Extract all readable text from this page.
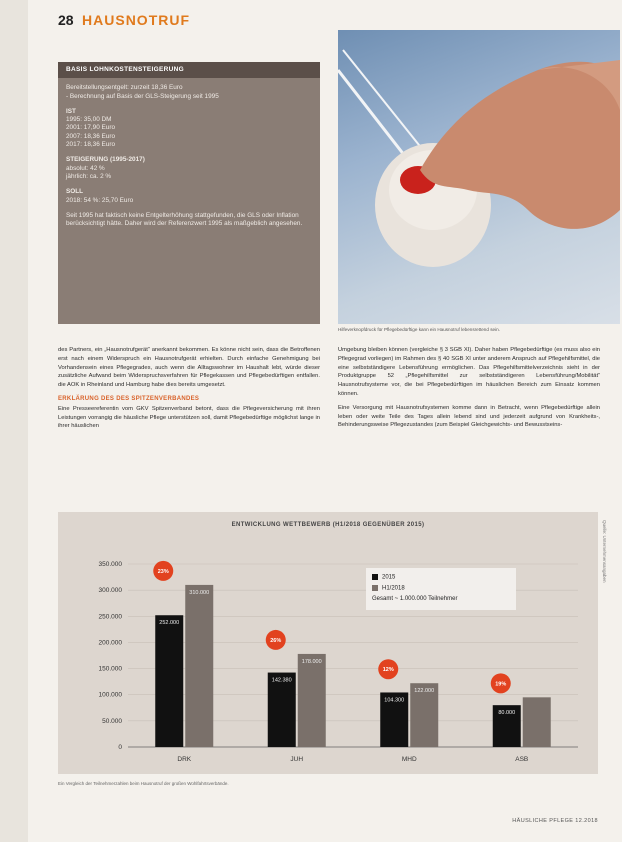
28 HAUSNOTRUF
BASIS LOHNKOSTENSTEIGERUNG
Bereitstellungsentgelt: zurzeit 18,36 Euro
- Berechnung auf Basis der GLS-Steigerung seit 1995
IST
1995: 35,00 DM
2001: 17,90 Euro
2007: 18,36 Euro
2017: 18,36 Euro
STEIGERUNG (1995-2017)
absolut: 42 %
jährlich: ca. 2 %
SOLL
2018: 54 %: 25,70 Euro
Seit 1995 hat faktisch keine Entgelterhöhung stattgefunden, die GLS oder Inflation berücksichtigt hätte. Daher wird der Referenzwert 1995 als maßgeblich angesehen.
Hilfeverknopfdruck für Pflegebedürftige kann ein Hausnotruf lebensrettend sein.

des Partners, ein „Hausnotrufgerät“ anerkannt bekommen. Es könne nicht sein, dass die Betroffenen erst nach einem Widerspruch ein Hausnotrufgerät erhielten. Durch einfache Genehmigung bei Vorhandensein eines Pflegegrades, auch wenn die Alltagswohner im Haushalt lebt, würde dieser zusätzliche Aufwand beim Widerspruchsverfahren für Pflegekassen und Pflegebedürftigen entfallen. die AOK in Rheinland und Hamburg habe dies bereits umgesetzt.

ERKLÄRUNG DES DES SPITZENVERBANDES

Eine Presseereferentin vom GKV Spitzenverband betont, dass die Pflegeversicherung mit ihren Leistungen vorrangig die häusliche Pflege unterstützen soll, damit Pflegebedürftige möglichst lange in ihrer häuslichen

Umgebung bleiben können (vergleiche § 3 SGB XI). Daher haben Pflegebedürftige (es muss also ein Pflegegrad vorliegen) im Rahmen des § 40 SGB XI unter anderem Anspruch auf Pflegehilfsmittel, die eine selbstständigere Lebensführung ermöglichen. Das Pflegehilfsmittelverzeichnis sieht in der Produktgruppe 52 „Pflegehilfsmittel zur selbstständigeren Lebensführung/Mobilität“ Hausnotrufsysteme vor, die bei Pflegebedürftigen im häuslichen Bereich zum Einsatz kommen können.

Eine Versorgung mit Hausnotrufsystemen komme dann in Betracht, wenn Pflegebedürftige allein leben oder weite Teile des Tages allein lebend sind und jederzeit aufgrund von Krankheits-, Behinderungsweise Pflegezustandes (zum Beispiel Gleichgewichts- und Bewusstseins-

ENTWICKLUNG WETTBEWERB (H1/2018 GEGENÜBER 2015)
0
50.000
100.000
150.000
200.000
250.000
300.000
350.000
252.000
310.000
DRK
23%
142.380
178.000
JUH
26%
104.300
122.000
MHD
12%
80.000
ASB
19%
2015
H1/2018
Gesamt ~ 1.000.000 Teilnehmer
Quelle: Unternehmensangaben
Ein Vergleich der Teilnehmerzahlen beim Hausnotruf der großen Wohlfahrtsverbände.
HÄUSLICHE PFLEGE 12.2018
